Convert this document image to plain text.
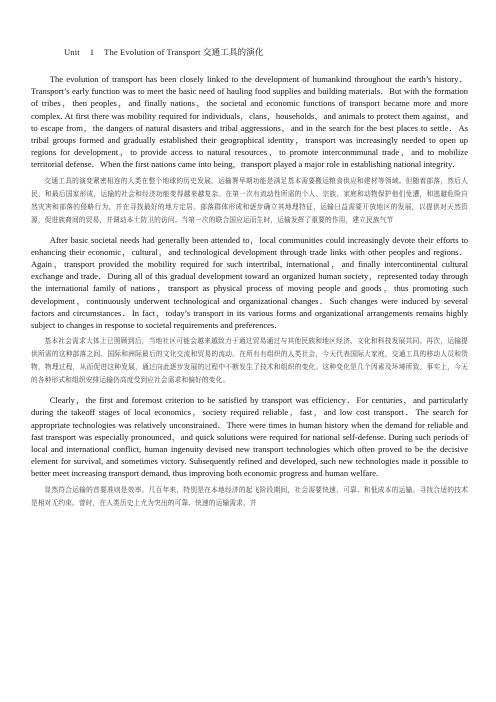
Unit 1 The Evolution of Transport 交通工具的演化

The evolution of transport has been closely linked to the development of humankind throughout the earth’s history．Transport’s early function was to meet the basic need of hauling food supplies and building materials．But with the formation of tribes，then peoples，and finally nations，the societal and economic functions of transport became more and more complex. At first there was mobility required for individuals，clans，households，and animals to protect them against，and to escape from，the dangers of natural disasters and tribal aggressions，and in the search for the best places to settle．As tribal groups formed and gradually established their geographical identity，transport was increasingly needed to open up regions for development，to provide access to natural resources，to promote interconmmunal trade，and to mobilize territorial defense．When the first nations came into being，transport played a major role in establishing national integrity．

交通工具的演变紧密相连的人类在整个地球的历史发展。运输署早期功能是满足基本需要搬运粮食供应和建材等领域。但随着部落，然后人民，和最后国家形成，运输的社会和经济功能变得越来越复杂。在第一次有流动性所需的个人、宗族、家庭和动物保护他们免遭，和逃避危险自然灾害和部落的侵略行为，并在寻找最好的地方定居。部落群体形成和逐步确立其地理特征，运输日益需要开放地区的发展，以提供对天然资源，促进族裔间的贸易，并调动本土防卫的访问。当第一次的联合国应运而生时，运输发挥了重要的作用，建立民族气节

After basic societal needs had generally been attended to，local communities could increasingly devote their efforts to enhancing their economic，cultural，and technological development through trade links with other peoples and regions．Again，transport provided the mobility required for such intertribal, international，and finally intercontinental cultural exchange and trade．During all of this gradual development toward an organized human society，represented today through the international family of nations，transport as physical process of moving people and goods，thus promoting such development，continuously underwent technological and organizational changes．Such changes were induced by several factors and circumstances．In fact，today’s transport in its various forms and organizational arrangements remains highly subject to changes in response to societal requirements and preferences．

基本社会需求大体上已照顾到后，当地社区可能会越来越致力于通过贸易通过与其他民族和地区经济、文化和科技发展共同。再次，运输提供所需的这种部落之间、国际和洲际最后的文化交流和贸易的流动。在所有有组织的人类社会，今天代表国际大家庭，交通工具的移动人员和货物，物理过程，从而促进这种发展，通过向此逐步发展的过程中不断发生了技术和组织的变化。这种变化是几个因素及环境所致。事实上，今天的各种形式和组织安排运输仍高度受到应社会需求和偏好的变化。

Clearly，the first and foremost criterion to be satisfied by transport was efficiency．For centuries，and particularly during the takeoff stages of local economics，society required reliable，fast，and low cost transport．The search for appropriate technologies was relatively unconstrained．There were times in human history when the demand for reliable and fast transport was especially pronounced，and quick solutions were required for national self-defense. During such periods of local and international conflict, human ingenuity devised new transport technologies which often proved to be the decisive element for survival, and sometimes victory. Subsequently refined and developed, such new technologies made it possible to better meet increasing transport demand, thus improving both economic progress and human welfare.

显然符合运输的首要准则是效率。几百年来，特别是在本地经济的起飞阶段期间，社会需要快速、可靠、和低成本的运输。寻找合适的技术是相对无约束。曾时，在人类历史上尤为突出的可靠、快速的运输需求，并
